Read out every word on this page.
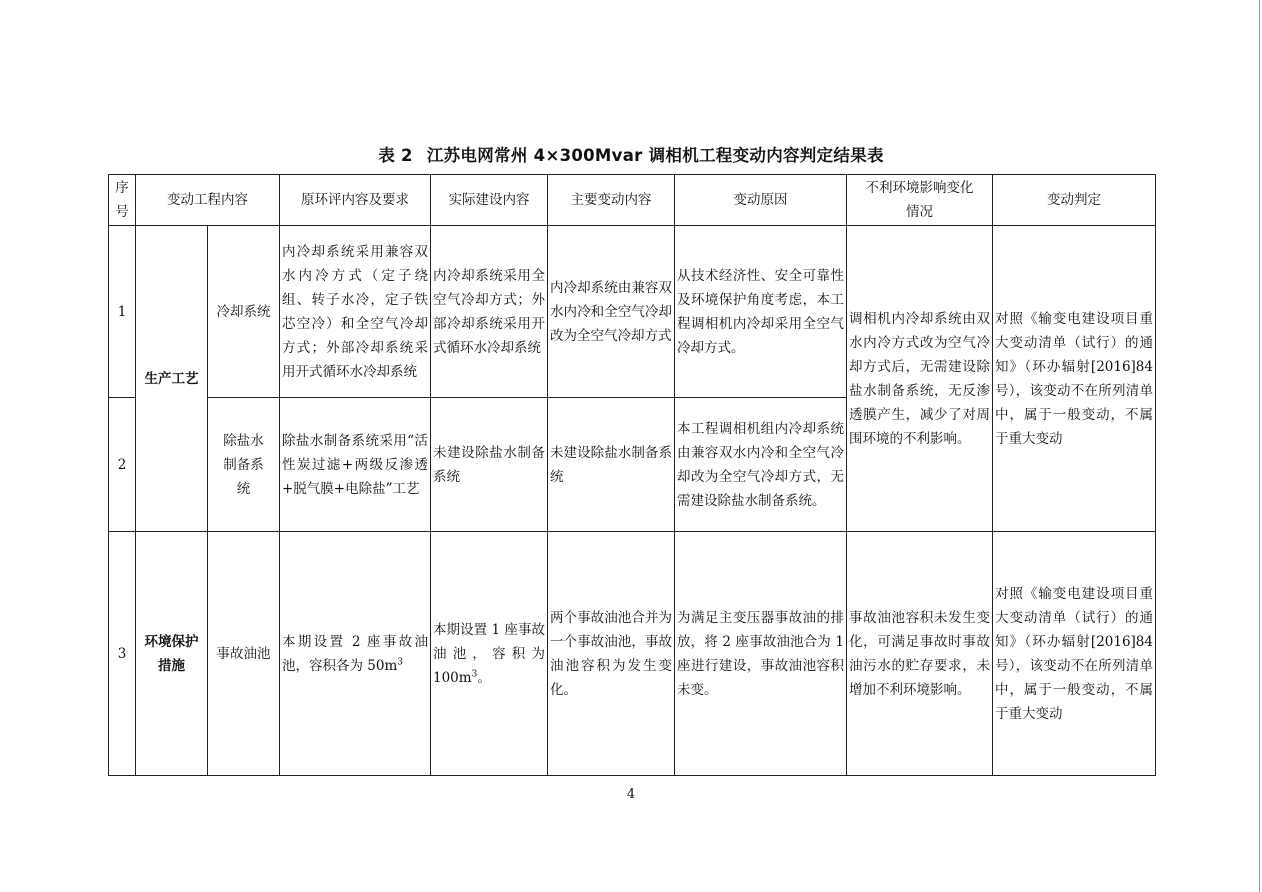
表 2 江苏电网常州 4×300Mvar 调相机工程变动内容判定结果表
序号	变动工程内容		原环评内容及要求	实际建设内容	主要变动内容	变动原因	不利环境影响变化情况	变动判定
1	生产工艺	冷却系统	内冷却系统采用兼容双水内冷方式（定子绕组、转子水冷，定子铁芯空冷）和全空气冷却方式；外部冷却系统采用开式循环水冷却系统	内冷却系统采用全空气冷却方式；外部冷却系统采用开式循环水冷却系统	内冷却系统由兼容双水内冷和全空气冷却改为全空气冷却方式	从技术经济性、安全可靠性及环境保护角度考虑，本工程调相机内冷却采用全空气冷却方式。	调相机内冷却系统由双水内冷方式改为空气冷却方式后，无需建设除盐水制备系统，无反渗透膜产生，减少了对周围环境的不利影响。	对照《输变电建设项目重大变动清单（试行）的通知》（环办辐射[2016]84号），该变动不在所列清单中，属于一般变动，不属于重大变动
2		除盐水制备系统	除盐水制备系统采用“活性炭过滤+两级反渗透+脱气膜+电除盐”工艺	未建设除盐水制备系统	未建设除盐水制备系统	本工程调相机组内冷却系统由兼容双水内冷和全空气冷却改为全空气冷却方式，无需建设除盐水制备系统。		
3	环境保护措施	事故油池	本期设置 2 座事故油池，容积各为 $50m^3$	本期设置 1 座事故油池，容积为 $100m^3$。	两个事故油池合并为一个事故油池，事故油池容积为发生变化。	为满足主变压器事故油的排放，将 2 座事故油池合为 1 座进行建设，事故油池容积未变。	事故油池容积未发生变化，可满足事故时事故油污水的贮存要求，未增加不利环境影响。	对照《输变电建设项目重大变动清单（试行）的通知》（环办辐射[2016]84号），该变动不在所列清单中，属于一般变动，不属于重大变动
4
